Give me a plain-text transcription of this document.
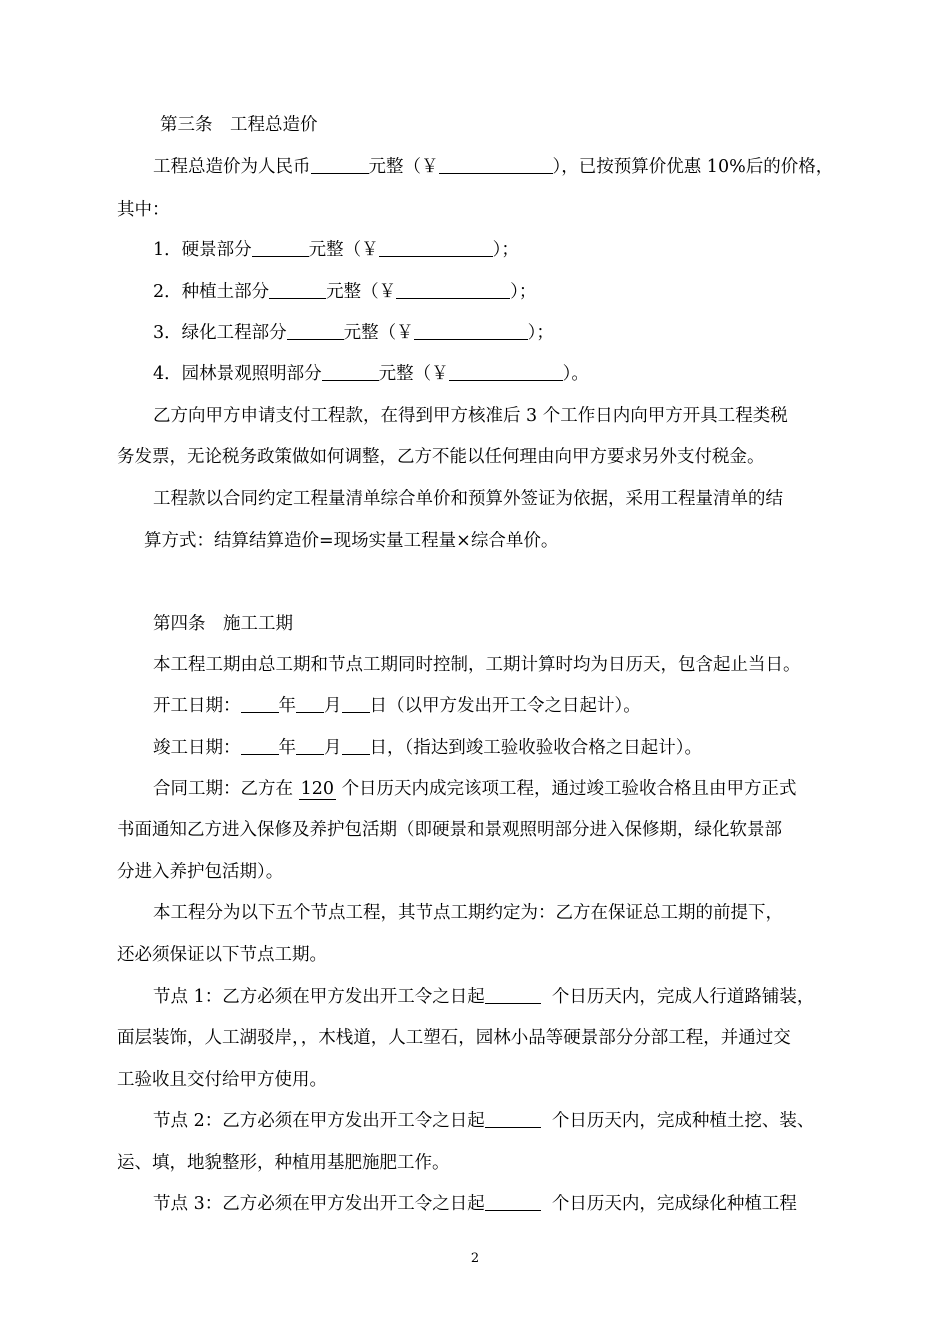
第三条　工程总造价
工程总造价为人民币	元整（￥	），已按预算价优惠 10%后的价格，
其中：
1．硬景部分	元整（￥	）；
2．种植土部分	元整（￥	）；
3．绿化工程部分	元整（￥	）；
4．园林景观照明部分	元整（￥	）。
乙方向甲方申请支付工程款，在得到甲方核准后 3 个工作日内向甲方开具工程类税
务发票，无论税务政策做如何调整，乙方不能以任何理由向甲方要求另外支付税金。
工程款以合同约定工程量清单综合单价和预算外签证为依据，采用工程量清单的结
算方式：结算结算造价=现场实量工程量×综合单价。
第四条　施工工期
本工程工期由总工期和节点工期同时控制，工期计算时均为日历天，包含起止当日。
开工日期： 年 月 日（以甲方发出开工令之日起计）。
竣工日期： 年 月 日，（指达到竣工验收验收合格之日起计）。
合同工期：乙方在 120 个日历天内成完该项工程，通过竣工验收合格且由甲方正式
书面通知乙方进入保修及养护包活期（即硬景和景观照明部分进入保修期，绿化软景部
分进入养护包活期）。
本工程分为以下五个节点工程，其节点工期约定为：乙方在保证总工期的前提下，
还必须保证以下节点工期。
节点 1：乙方必须在甲方发出开工令之日起	个日历天内，完成人行道路铺装，
面层装饰，人工湖驳岸，，木栈道，人工塑石，园林小品等硬景部分分部工程，并通过交
工验收且交付给甲方使用。
节点 2：乙方必须在甲方发出开工令之日起	个日历天内，完成种植土挖、装、
运、填，地貌整形，种植用基肥施肥工作。
节点 3：乙方必须在甲方发出开工令之日起	个日历天内，完成绿化种植工程
2
